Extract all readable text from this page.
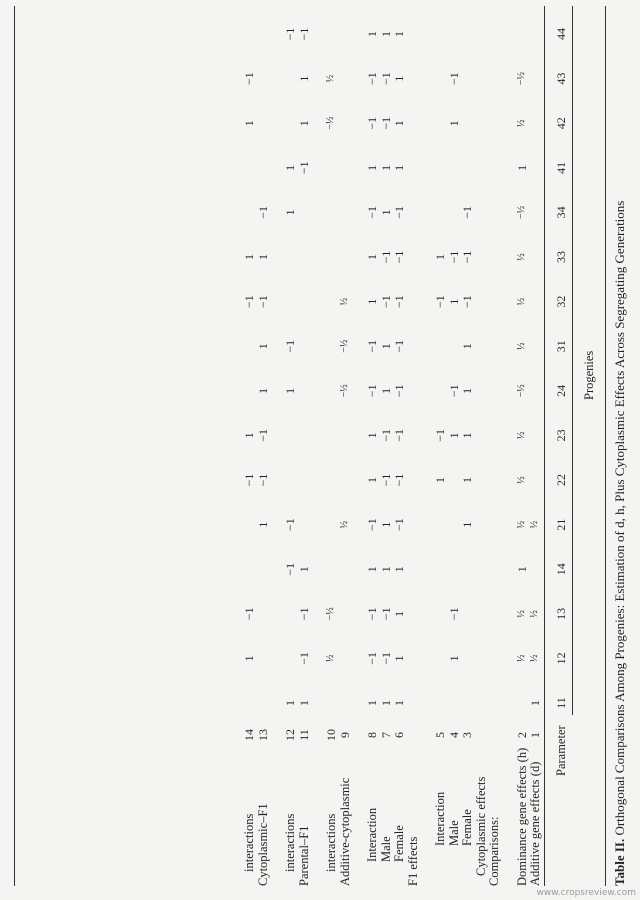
Table II. Orthogonal Comparisons Among Progenies: Estimation of d, h, Plus Cytoplasmic Effects Across Segregating Generations
Progenies
Parameter
11
12
13
14
21
22
23
24
31
32
33
34
41
42
43
44
Additive gene effects (d)
1
1
½
½
½
Dominance gene effects (h)
2
½
½
1
½
½
½
−½
½
½
½
−½
1
½
−½
Comparisons:
Cytoplasmic effects
Female
3
1
1
1
1
1
−1
−1
−1
Male
4
1
−1
1
−1
1
−1
1
−1
Interaction
5
1
−1
−1
1
F1 effects
Female
6
1
1
1
1
−1
−1
−1
−1
−1
−1
−1
−1
1
1
1
1
Male
7
1
−1
−1
1
1
−1
−1
1
1
−1
−1
1
1
−1
−1
1
Interaction
8
1
−1
−1
1
−1
1
1
−1
−1
1
1
−1
1
−1
−1
1
Additive-cytoplasmic
9
½
−½
−½
½
interactions
10
½
−½
−½
½
Parental–F1
11
1
−1
−1
1
−1
1
1
−1
interactions
12
1
−1
−1
1
−1
1
1
−1
Cytoplasmic–F1
13
1
−1
−1
1
1
−1
1
−1
interactions
14
1
−1
−1
1
−1
1
1
−1
www.cropsreview.com
